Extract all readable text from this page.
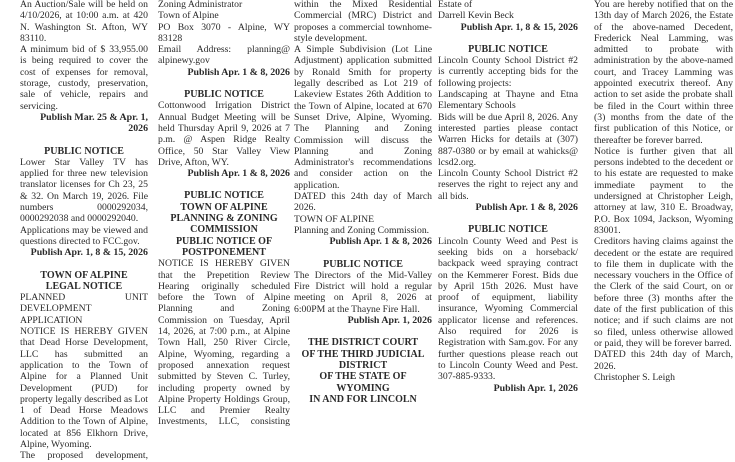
An Auction/Sale will be held on 4/10/2026, at 10:00 a.m. at 420 N. Washington St. Afton, WY 83110.

A minimum bid of $ 33,955.00 is being required to cover the cost of expenses for removal, storage, custody, preservation, sale of vehicle, repairs and servicing.

Publish Mar. 25 & Apr. 1, 2026

PUBLIC NOTICE

Lower Star Valley TV has applied for three new television translator licenses for Ch 23, 25 & 32. On March 19, 2026. File numbers 0000292034, 0000292038 and 0000292040.

Applications may be viewed and questions directed to FCC.gov.

Publish Apr. 1, 8 & 15, 2026

TOWN OF ALPINE

LEGAL NOTICE

PLANNED UNIT DEVELOPMENT APPLICATION

NOTICE IS HEREBY GIVEN that Dead Horse Development, LLC has submitted an application to the Town of Alpine for a Planned Unit Development (PUD) for property legally described as Lot 1 of Dead Horse Meadows Addition to the Town of Alpine, located at 856 Elkhorn Drive, Alpine, Wyoming.

The proposed development,

Zoning Administrator

Town of Alpine

PO Box 3070 - Alpine, WY 83128

Email Address: planning@ alpinewy.gov

Publish Apr. 1 & 8, 2026

PUBLIC NOTICE

Cottonwood Irrigation District Annual Budget Meeting will be held Thursday April 9, 2026 at 7 p.m. @ Aspen Ridge Realty Office, 50 Star Valley View Drive, Afton, WY.

Publish Apr. 1 & 8, 2026

PUBLIC NOTICE

TOWN OF ALPINE

PLANNING & ZONING

COMMISSION

PUBLIC NOTICE OF

POSTPONEMENT

NOTICE IS HEREBY GIVEN that the Prepetition Review Hearing originally scheduled before the Town of Alpine Planning and Zoning Commission on Tuesday, April 14, 2026, at 7:00 p.m., at Alpine Town Hall, 250 River Circle, Alpine, Wyoming, regarding a proposed annexation request submitted by Steven C. Turley, including property owned by Alpine Property Holdings Group, LLC and Premier Realty Investments, LLC, consisting

within the Mixed Residential Commercial (MRC) District and proposes a commercial townhome-style development.

A Simple Subdivision (Lot Line Adjustment) application submitted by Ronald Smith for property legally described as Lot 219 of Lakeview Estates 26th Addition to the Town of Alpine, located at 670 Sunset Drive, Alpine, Wyoming. The Planning and Zoning Commission will discuss the Planning and Zoning Administrator's recommendations and consider action on the application.

DATED this 24th day of March 2026.

TOWN OF ALPINE

Planning and Zoning Commission.

Publish Apr. 1 & 8, 2026

PUBLIC NOTICE

The Directors of the Mid-Valley Fire District will hold a regular meeting on April 8, 2026 at 6:00PM at the Thayne Fire Hall.

Publish Apr. 1, 2026

THE DISTRICT COURT

OF THE THIRD JUDICIAL

DISTRICT

OF THE STATE OF WYOMING

IN AND FOR LINCOLN

Estate of

Darrell Kevin Beck

Publish Apr. 1, 8 & 15, 2026

PUBLIC NOTICE

Lincoln County School District #2 is currently accepting bids for the following projects:

Landscaping at Thayne and Etna Elementary Schools

Bids will be due April 8, 2026. Any interested parties please contact Warren Hicks for details at (307) 887-0380 or by email at wahicks@ lcsd2.org.

Lincoln County School District #2 reserves the right to reject any and all bids.

Publish Apr. 1 & 8, 2026

PUBLIC NOTICE

Lincoln County Weed and Pest is seeking bids on a horseback/ backpack weed spraying contract on the Kemmerer Forest. Bids due by April 15th 2026. Must have proof of equipment, liability insurance, Wyoming Commercial applicator license and references. Also required for 2026 is Registration with Sam.gov. For any further questions please reach out to Lincoln County Weed and Pest. 307-885-9333.

Publish Apr. 1, 2026

You are hereby notified that on the 13th day of March 2026, the Estate of the above-named Decedent, Frederick Neal Lamming, was admitted to probate with administration by the above-named court, and Tracey Lamming was appointed executrix thereof. Any action to set aside the probate shall be filed in the Court within three (3) months from the date of the first publication of this Notice, or thereafter be forever barred.

Notice is further given that all persons indebted to the decedent or to his estate are requested to make immediate payment to the undersigned at Christopher Leigh, attorney at law, 310 E. Broadway, P.O. Box 1094, Jackson, Wyoming 83001.

Creditors having claims against the decedent or the estate are required to file them in duplicate with the necessary vouchers in the Office of the Clerk of the said Court, on or before three (3) months after the date of the first publication of this notice; and if such claims are not so filed, unless otherwise allowed or paid, they will be forever barred.

DATED this 24th day of March, 2026.

Christopher S. Leigh
